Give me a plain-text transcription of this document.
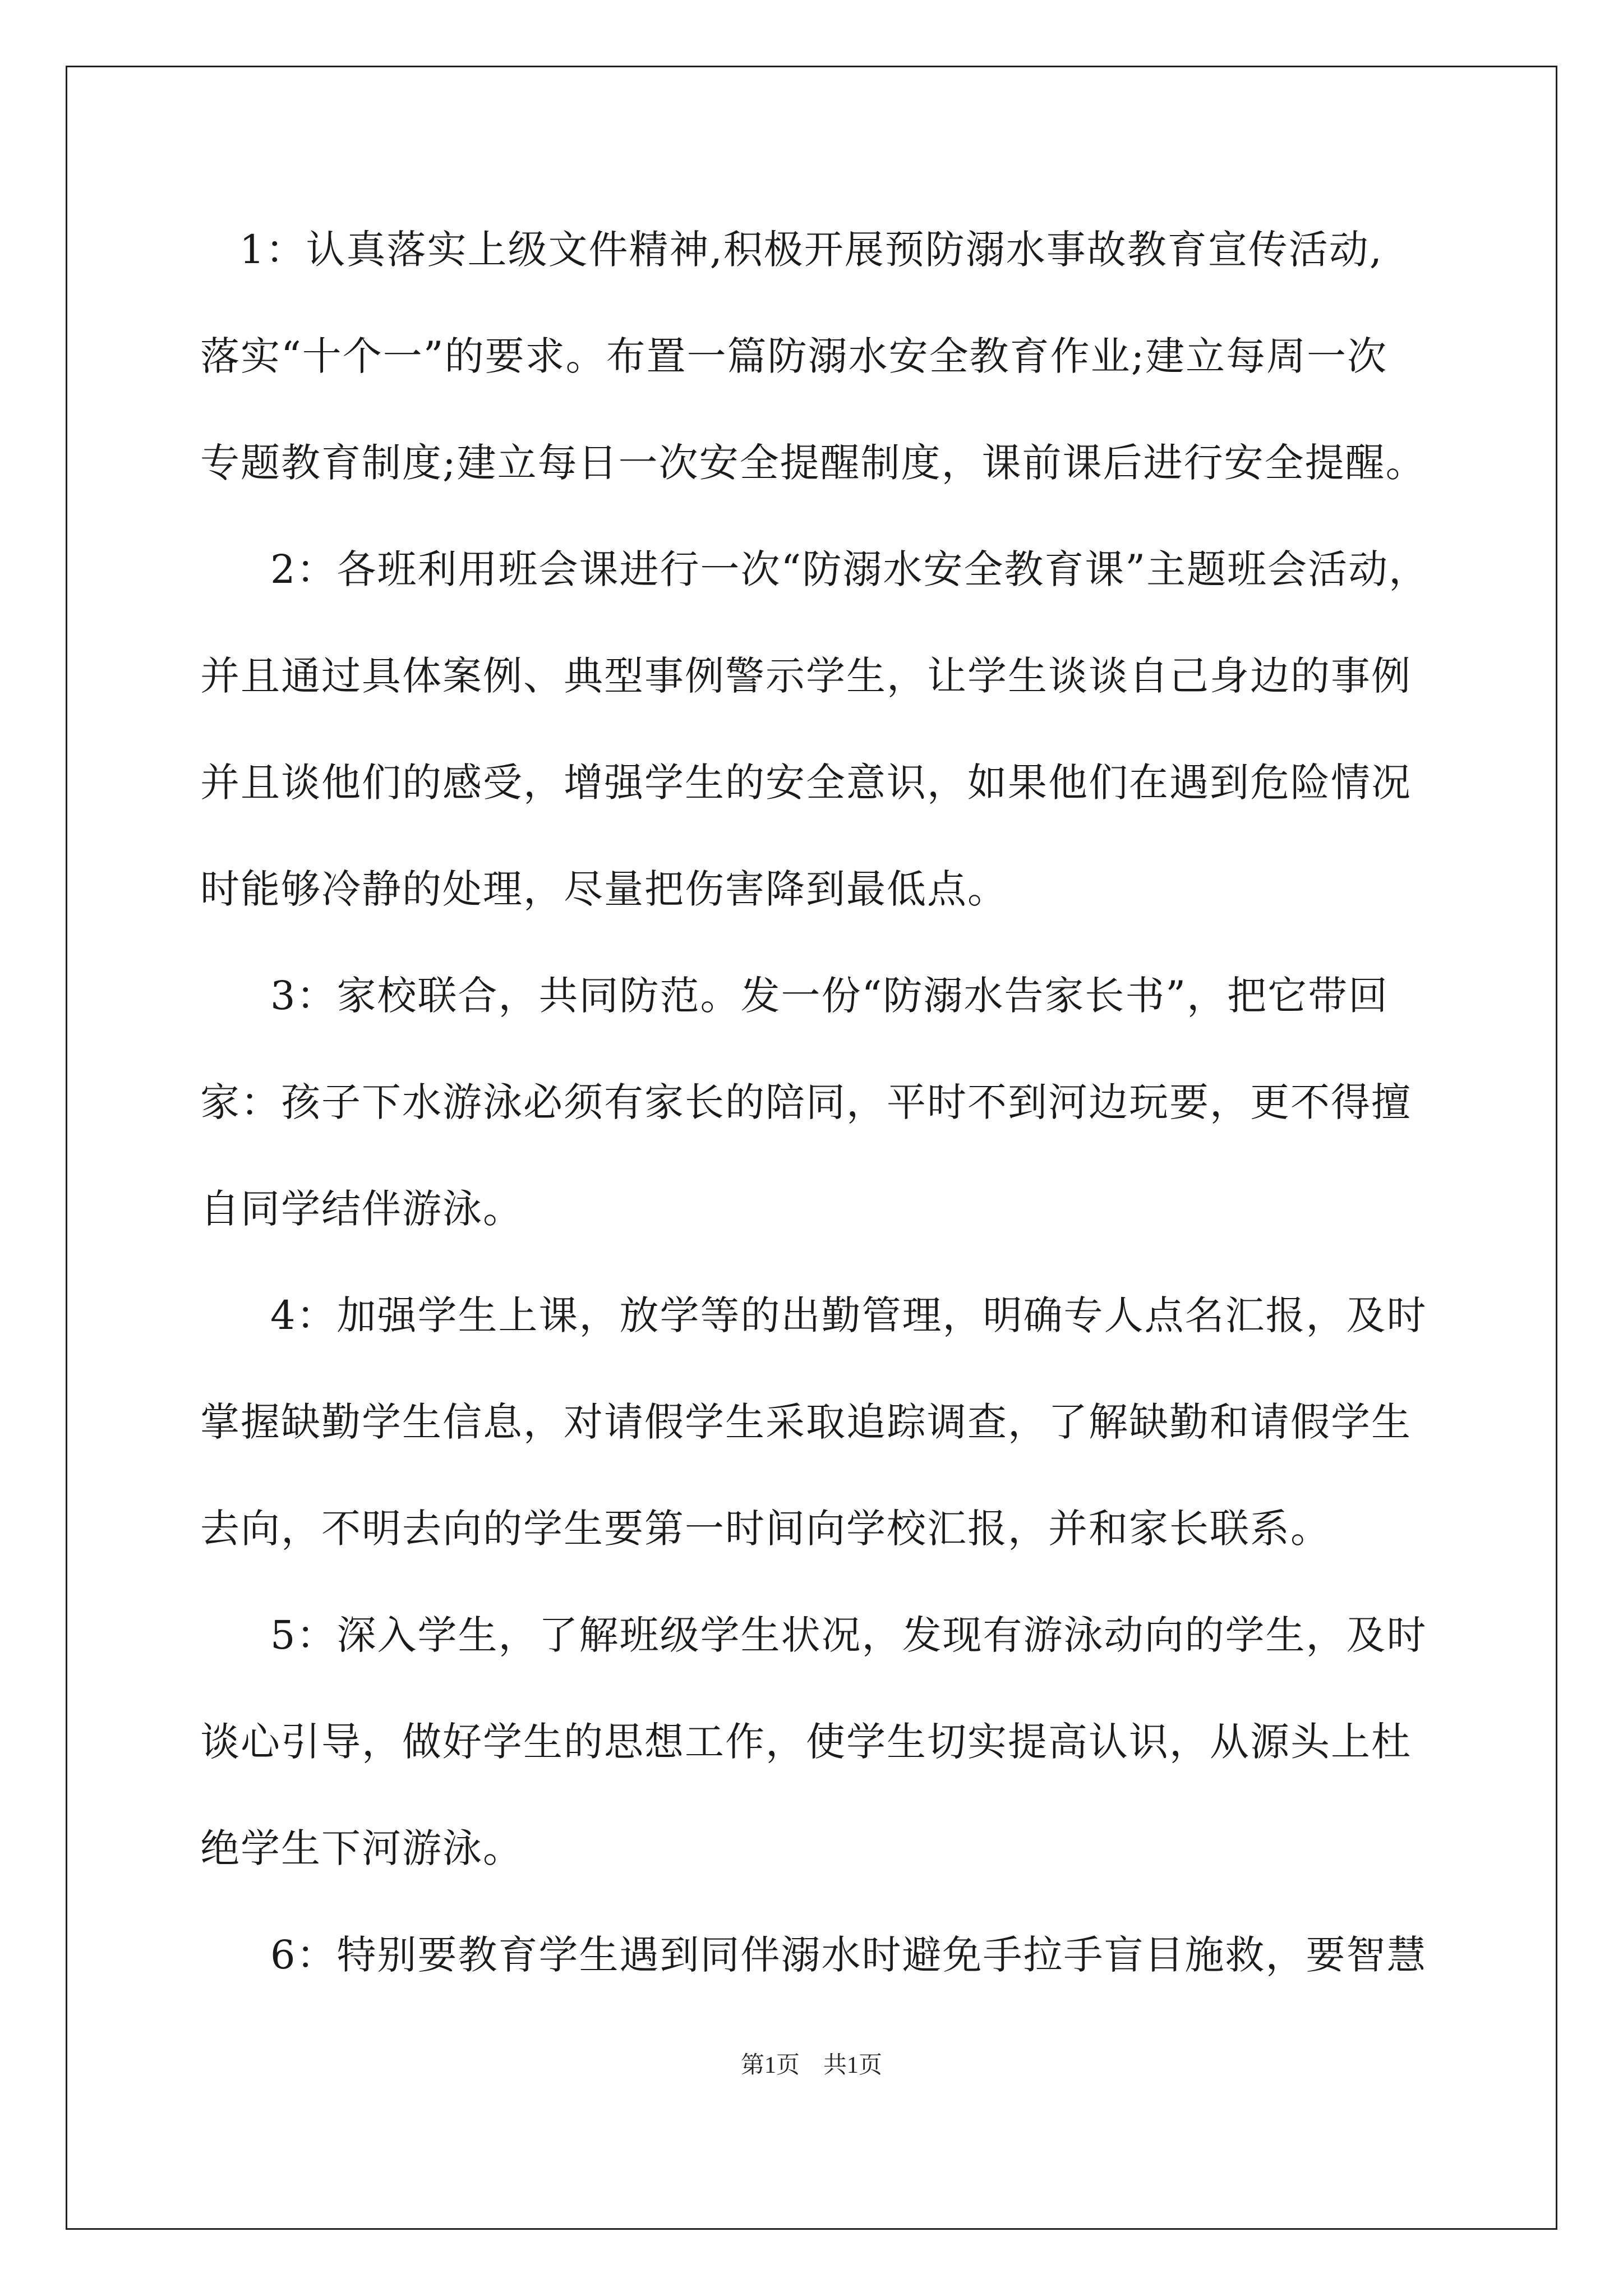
1：认真落实上级文件精神,积极开展预防溺水事故教育宣传活动,
落实“十个一”的要求。布置一篇防溺水安全教育作业;建立每周一次
专题教育制度;建立每日一次安全提醒制度，课前课后进行安全提醒。
2：各班利用班会课进行一次“防溺水安全教育课”主题班会活动，
并且通过具体案例、典型事例警示学生，让学生谈谈自己身边的事例
并且谈他们的感受，增强学生的安全意识，如果他们在遇到危险情况
时能够冷静的处理，尽量把伤害降到最低点。
3：家校联合，共同防范。发一份“防溺水告家长书”，把它带回
家：孩子下水游泳必须有家长的陪同，平时不到河边玩要，更不得擅
自同学结伴游泳。
4：加强学生上课，放学等的出勤管理，明确专人点名汇报，及时
掌握缺勤学生信息，对请假学生采取追踪调查，了解缺勤和请假学生
去向，不明去向的学生要第一时间向学校汇报，并和家长联系。
5：深入学生，了解班级学生状况，发现有游泳动向的学生，及时
谈心引导，做好学生的思想工作，使学生切实提高认识，从源头上杜
绝学生下河游泳。
6：特别要教育学生遇到同伴溺水时避免手拉手盲目施救，要智慧
第1页　共1页
